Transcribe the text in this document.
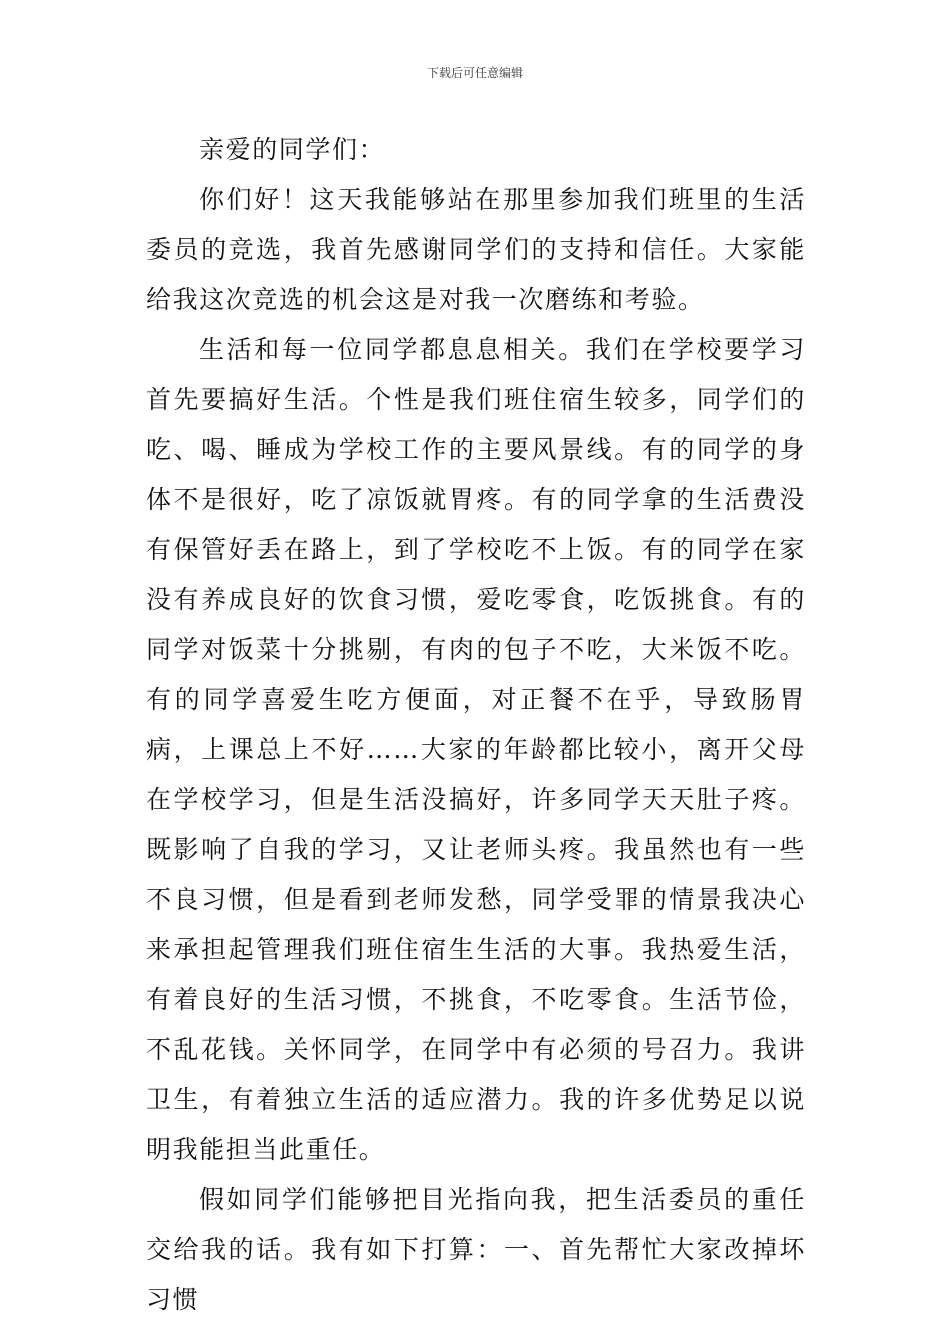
下载后可任意编辑

亲爱的同学们：

你们好！这天我能够站在那里参加我们班里的生活委员的竞选，我首先感谢同学们的支持和信任。大家能给我这次竞选的机会这是对我一次磨练和考验。

生活和每一位同学都息息相关。我们在学校要学习首先要搞好生活。个性是我们班住宿生较多，同学们的吃、喝、睡成为学校工作的主要风景线。有的同学的身体不是很好，吃了凉饭就胃疼。有的同学拿的生活费没有保管好丢在路上，到了学校吃不上饭。有的同学在家没有养成良好的饮食习惯，爱吃零食，吃饭挑食。有的同学对饭菜十分挑剔，有肉的包子不吃，大米饭不吃。有的同学喜爱生吃方便面，对正餐不在乎，导致肠胃病，上课总上不好……大家的年龄都比较小，离开父母在学校学习，但是生活没搞好，许多同学天天肚子疼。既影响了自我的学习，又让老师头疼。我虽然也有一些不良习惯，但是看到老师发愁，同学受罪的情景我决心来承担起管理我们班住宿生生活的大事。我热爱生活，有着良好的生活习惯，不挑食，不吃零食。生活节俭，不乱花钱。关怀同学，在同学中有必须的号召力。我讲卫生，有着独立生活的适应潜力。我的许多优势足以说明我能担当此重任。

假如同学们能够把目光指向我，把生活委员的重任交给我的话。我有如下打算：一、首先帮忙大家改掉坏习惯
